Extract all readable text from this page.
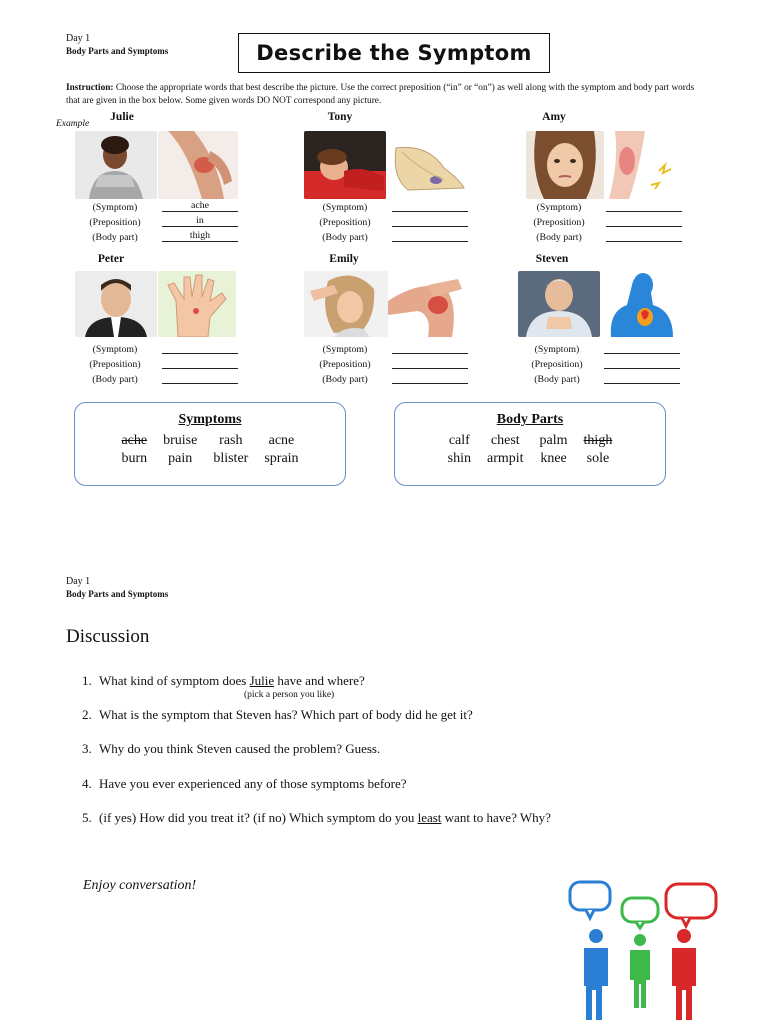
Day 1
Body Parts and Symptoms	Describe the Symptom
Instruction: Choose the appropriate words that best describe the picture. Use the correct preposition (“in” or “on”) as well along with the symptom and body part words that are given in the box below. Some given words DO NOT correspond any picture.
Example
Julie
(Symptom)	ache
(Preposition)	in
(Body part)	thigh
Tony
(Symptom)
(Preposition)
(Body part)
Amy
(Symptom)
(Preposition)
(Body part)
Peter
(Symptom)
(Preposition)
(Body part)
Emily
(Symptom)
(Preposition)
(Body part)
Steven
(Symptom)
(Preposition)
(Body part)
Symptoms
ache bruise	rash	acne
burn	pain	blister sprain
Body Parts
calf chest palm thigh
shin armpit knee sole
Day 1
Body Parts and Symptoms
Discussion
1. What kind of symptom does Julie have and where?
(pick a person you like)
2. What is the symptom that Steven has? Which part of body did he get it?
3. Why do you think Steven caused the problem? Guess.
4. Have you ever experienced any of those symptoms before?
5. (if yes) How did you treat it? (if no) Which symptom do you least want to have? Why?
Enjoy conversation!
